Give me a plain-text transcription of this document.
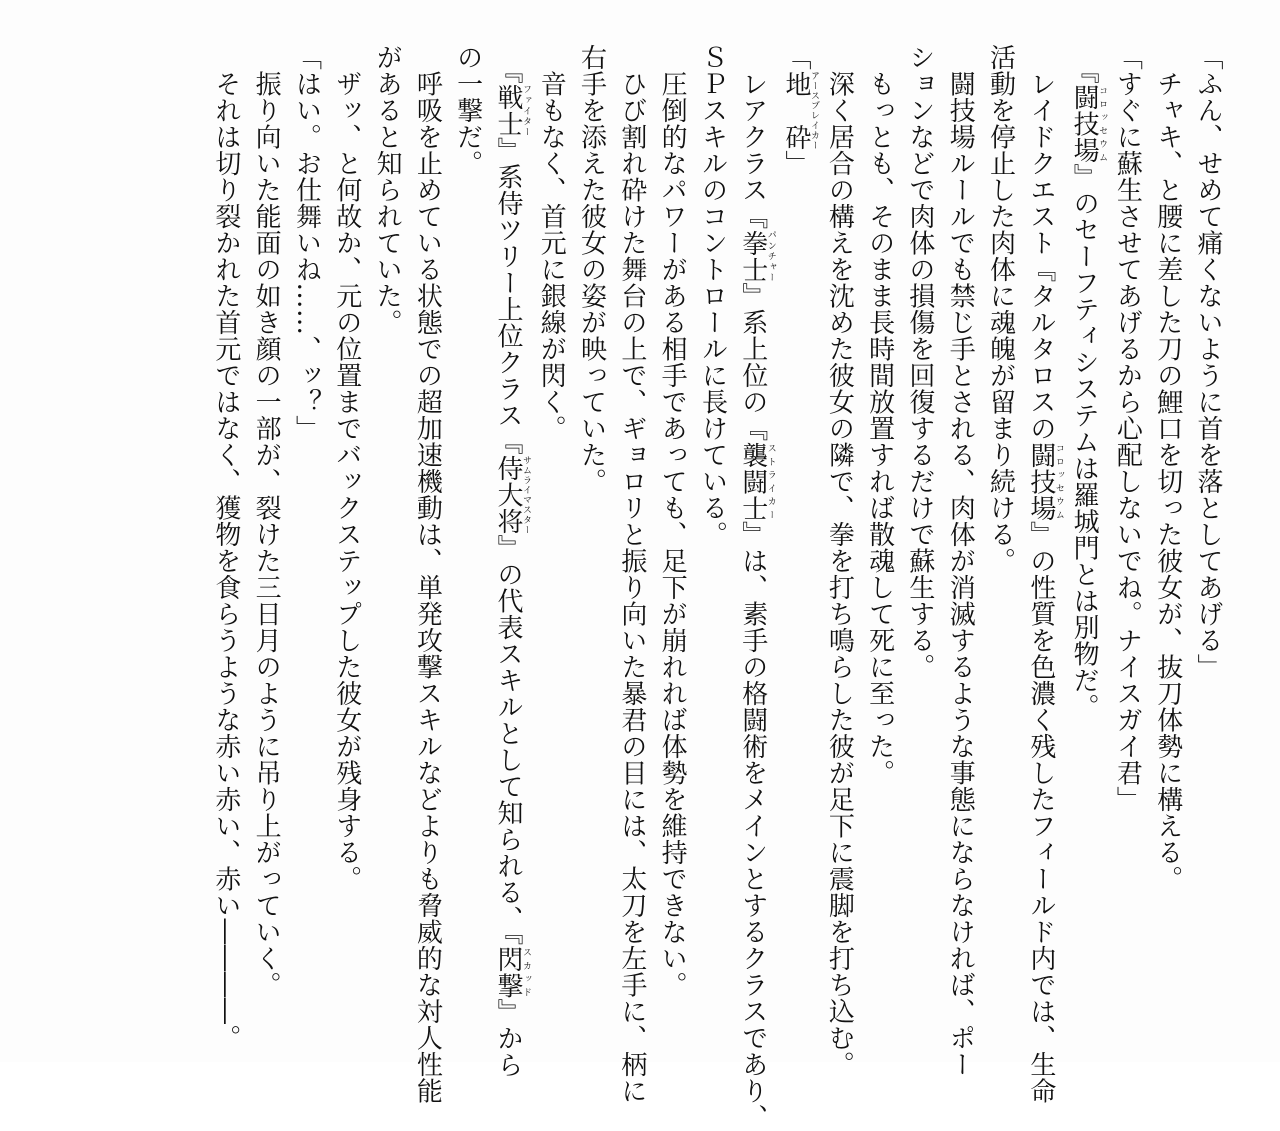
「ふん、せめて痛くないように首を落としてあげる」
　チャキ、と腰に差した刀の鯉口を切った彼女が、抜刀体勢に構える。
「すぐに蘇生させてあげるから心配しないでね。ナイスガイ君」
　『闘技場コロッセウム』のセーフティシステムは羅城門とは別物だ。
　レイドクエスト『タルタロスの闘技場コロッセウム』の性質を色濃く残したフィールド内では、生命
活動を停止した肉体に魂魄が留まり続ける。
　闘技場ルールでも禁じ手とされる、肉体が消滅するような事態にならなければ、ポー
ションなどで肉体の損傷を回復するだけで蘇生する。
　もっとも、そのまま長時間放置すれば散魂して死に至った。
　深く居合の構えを沈めた彼女の隣で、拳を打ち鳴らした彼が足下に震脚を打ち込む。
「地　砕アースブレイカー」
　レアクラス『拳士パンチャー』系上位の『襲闘士ストライカー』は、素手の格闘術をメインとするクラスであり、
ＳＰスキルのコントロールに長けている。
　圧倒的なパワーがある相手であっても、足下が崩れれば体勢を維持できない。
　ひび割れ砕けた舞台の上で、ギョロリと振り向いた暴君の目には、太刀を左手に、柄に
右手を添えた彼女の姿が映っていた。
　音もなく、首元に銀線が閃く。
　『戦士ファイター』系侍ツリー上位クラス『侍大将サムライマスター』の代表スキルとして知られる、『閃撃スカッド』から
の一撃だ。
　呼吸を止めている状態での超加速機動は、単発攻撃スキルなどよりも脅威的な対人性能
があると知られていた。
　ザッ、と何故か、元の位置までバックステップした彼女が残身する。
「はい。お仕舞いね……、ッ？」
　振り向いた能面の如き顔の一部が、裂けた三日月のように吊り上がっていく。
　それは切り裂かれた首元ではなく、獲物を食らうような赤い赤い、赤い――――。
